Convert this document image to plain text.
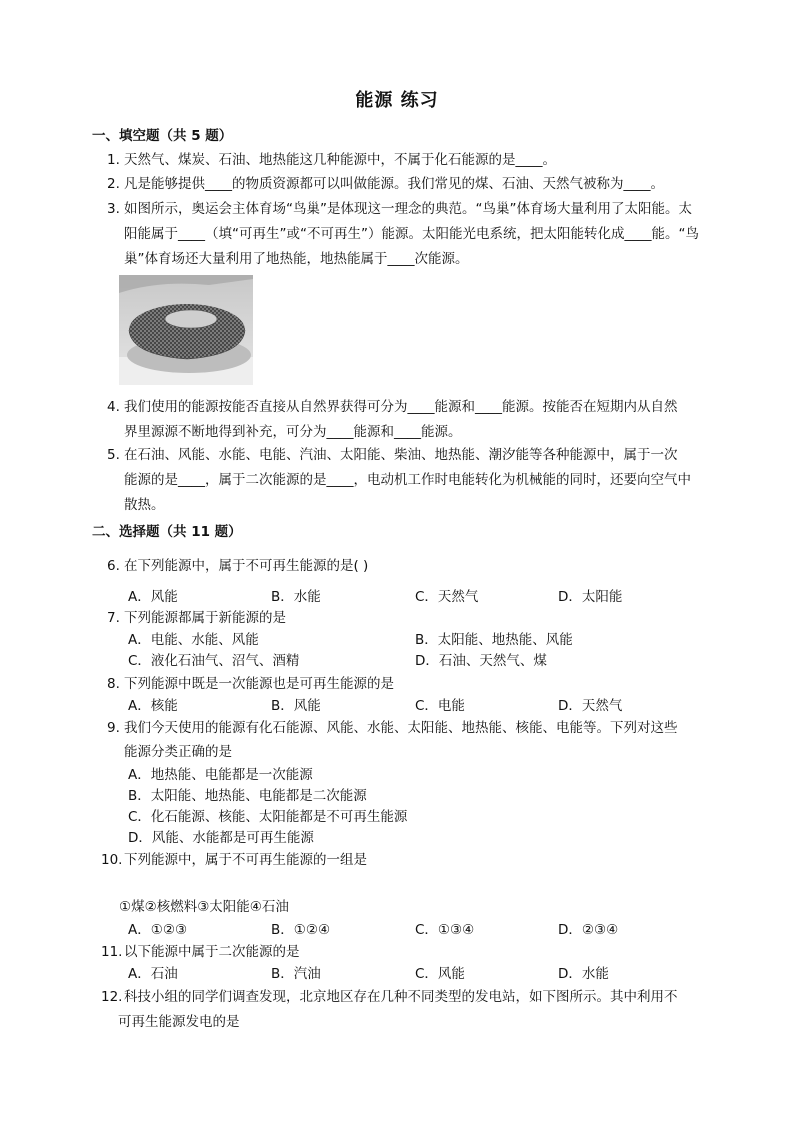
能源 练习
一、填空题（共 5 题）
1. 天然气、煤炭、石油、地热能这几种能源中，不属于化石能源的是____。
2. 凡是能够提供____的物质资源都可以叫做能源。我们常见的煤、石油、天然气被称为____。
3. 如图所示，奥运会主体育场“鸟巢”是体现这一理念的典范。“鸟巢”体育场大量利用了太阳能。太
阳能属于____（填“可再生”或“不可再生”）能源。太阳能光电系统，把太阳能转化成____能。“鸟
巢”体育场还大量利用了地热能，地热能属于____次能源。
4. 我们使用的能源按能否直接从自然界获得可分为____能源和____能源。按能否在短期内从自然
界里源源不断地得到补充，可分为____能源和____能源。
5. 在石油、风能、水能、电能、汽油、太阳能、柴油、地热能、潮汐能等各种能源中，属于一次
能源的是____，属于二次能源的是____，电动机工作时电能转化为机械能的同时，还要向空气中
散热。
二、选择题（共 11 题）
6. 在下列能源中，属于不可再生能源的是( )
A．风能	B．水能	C．天然气	D．太阳能
7. 下列能源都属于新能源的是
A．电能、水能、风能	B．太阳能、地热能、风能
C．液化石油气、沼气、酒精	D．石油、天然气、煤
8. 下列能源中既是一次能源也是可再生能源的是
A．核能	B．风能	C．电能	D．天然气
9. 我们今天使用的能源有化石能源、风能、水能、太阳能、地热能、核能、电能等。下列对这些
能源分类正确的是
A．地热能、电能都是一次能源
B．太阳能、地热能、电能都是二次能源
C．化石能源、核能、太阳能都是不可再生能源
D．风能、水能都是可再生能源
10. 下列能源中，属于不可再生能源的一组是
①煤②核燃料③太阳能④石油
A．①②③	B．①②④	C．①③④	D．②③④
11. 以下能源中属于二次能源的是
A．石油	B．汽油	C．风能	D．水能
12. 科技小组的同学们调查发现，北京地区存在几种不同类型的发电站，如下图所示。其中利用不
可再生能源发电的是
